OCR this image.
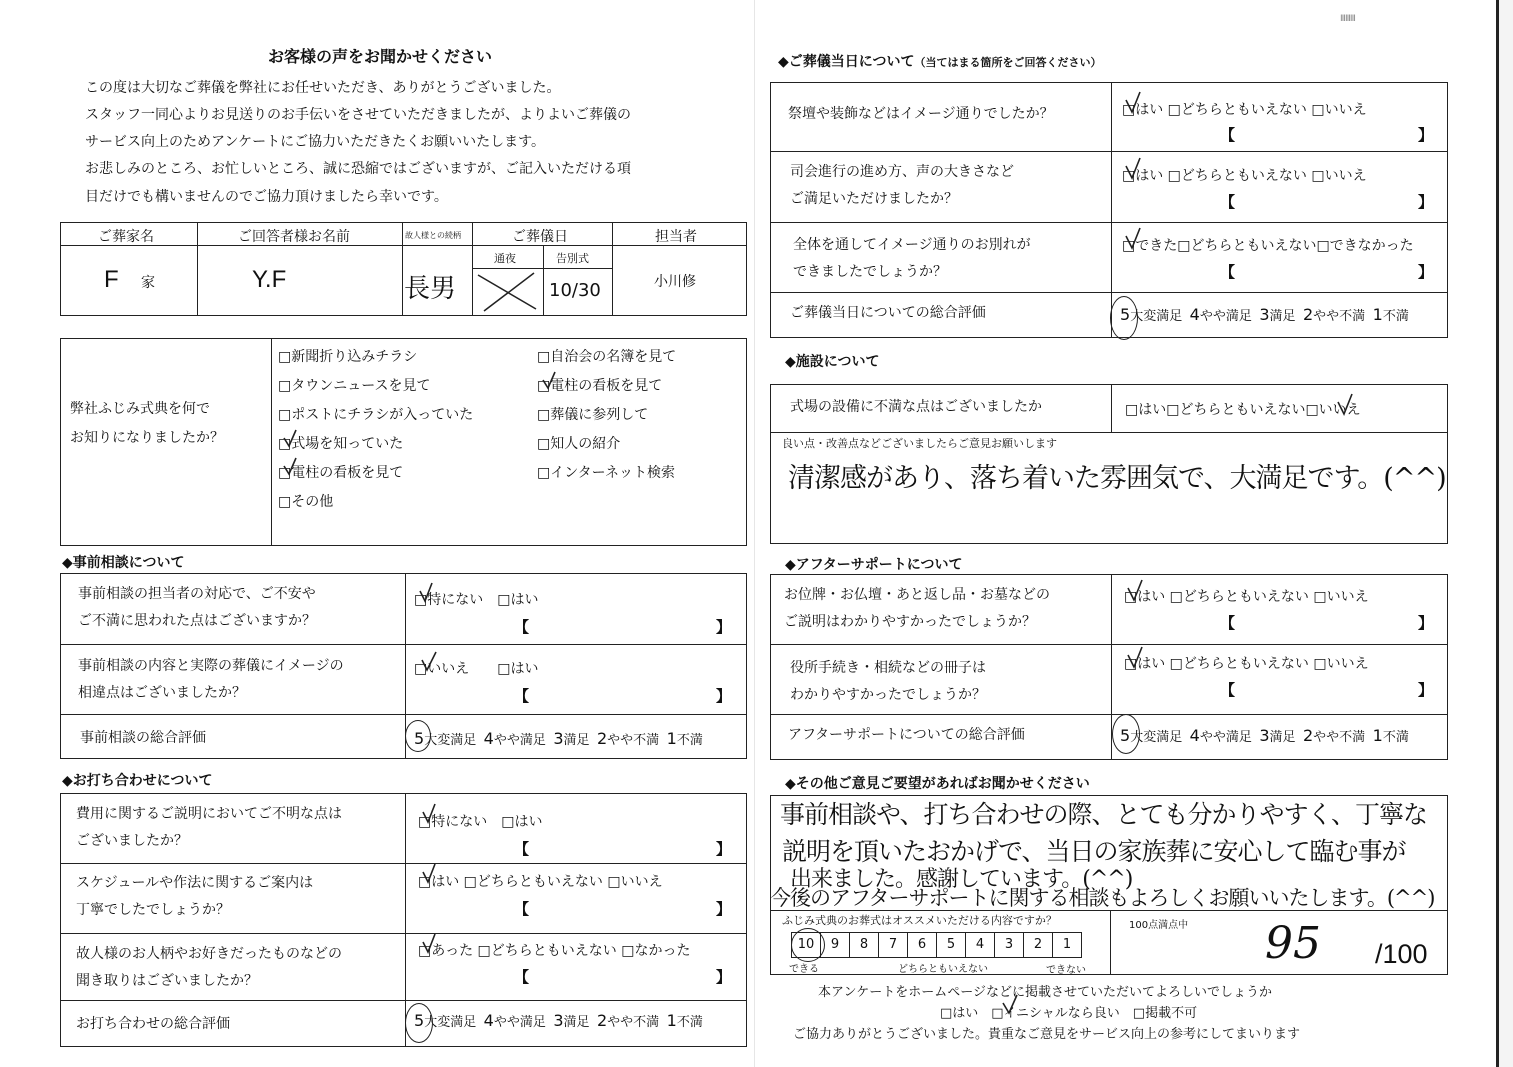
IIIIIIIII
お客様の声をお聞かせください
この度は大切なご葬儀を弊社にお任せいただき、ありがとうございました。
スタッフ一同心よりお見送りのお手伝いをさせていただきましたが、よりよいご葬儀の
サービス向上のためアンケートにご協力いただきたくお願いいたします。
お悲しみのところ、お忙しいところ、誠に恐縮ではございますが、ご記入いただける項
目だけでも構いませんのでご協力頂けましたら幸いです。
ご葬家名	ご回答者様お名前	故人様との続柄	ご葬儀日	担当者
通夜	告別式
F 家	Y.F	長男	10/30	小川修
弊社ふじみ式典を何で
お知りになりましたか？
□新聞折り込みチラシ
□タウンニュースを見て
□ポストにチラシが入っていた
□式場を知っていた
□電柱の看板を見て
□その他
□自治会の名簿を見て
□電柱の看板を見て
□葬儀に参列して
□知人の紹介
□インターネット検索
◆事前相談について
事前相談の担当者の対応で、ご不安や
ご不満に思われた点はございますか？
□特にない　□はい
【	】
事前相談の内容と実際の葬儀にイメージの
相違点はございましたか？
□いいえ　　□はい
【	】
事前相談の総合評価	5大変満足 4やや満足 3満足 2やや不満 1不満
◆お打ち合わせについて
費用に関するご説明においてご不明な点は
ございましたか？
□特にない　□はい
【	】
スケジュールや作法に関するご案内は
丁寧でしたでしょうか？
□はい □どちらともいえない □いいえ
【	】
故人様のお人柄やお好きだったものなどの
聞き取りはございましたか？
□あった □どちらともいえない □なかった
【	】
お打ち合わせの総合評価	5大変満足 4やや満足 3満足 2やや不満 1不満
◆ご葬儀当日について（当てはまる箇所をご回答ください）
祭壇や装飾などはイメージ通りでしたか？	□はい □どちらともいえない □いいえ
【	】
司会進行の進め方、声の大きさなど
ご満足いただけましたか？
□はい □どちらともいえない □いいえ
【	】
全体を通してイメージ通りのお別れが
できましたでしょうか？
□できた□どちらともいえない□できなかった
【	】
ご葬儀当日についての総合評価	5大変満足 4やや満足 3満足 2やや不満 1不満
◆施設について
式場の設備に不満な点はございましたか	□はい□どちらともいえない□いいえ
良い点・改善点などございましたらご意見お願いします
清潔感があり、落ち着いた雰囲気で、大満足です。(^^)
◆アフターサポートについて
お位牌・お仏壇・あと返し品・お墓などの
ご説明はわかりやすかったでしょうか？
□はい □どちらともいえない □いいえ
【	】
役所手続き・相続などの冊子は
わかりやすかったでしょうか？
□はい □どちらともいえない □いいえ
【	】
アフターサポートについての総合評価	5大変満足 4やや満足 3満足 2やや不満 1不満
◆その他ご意見ご要望があればお聞かせください
事前相談や、打ち合わせの際、とても分かりやすく、丁寧な
説明を頂いたおかげで、当日の家族葬に安心して臨む事が
出来ました。感謝しています。(^^)
今後のアフターサポートに関する相談もよろしくお願いいたします。(^^)
ふじみ式典のお葬式はオススメいただける内容ですか？
10	9	8	7	6	5	4	3	2	1
できる	どちらともいえない	できない
100点満点中 95 /100
本アンケートをホームページなどに掲載させていただいてよろしいでしょうか
□はい　□イニシャルなら良い　□掲載不可
ご協力ありがとうございました。貴重なご意見をサービス向上の参考にしてまいります
